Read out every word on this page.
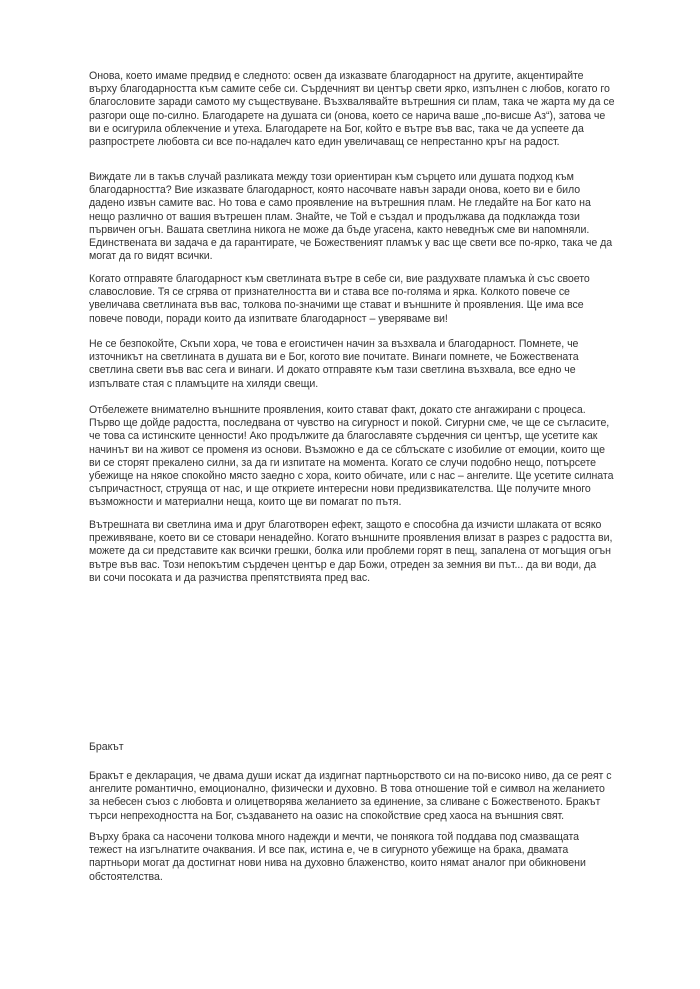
Онова, което имаме предвид е следното: освен да изказвате благодарност на другите, акцентирайте
върху благодарността към самите себе си. Сърдечният ви център свети ярко, изпълнен с любов, когато го
благословите заради самото му съществуване. Възхвалявайте вътрешния си плам, така че жарта му да се
разгори още по-силно. Благодарете на душата си (онова, което се нарича ваше „по-висше Аз“), затова че
ви е осигурила облекчение и утеха. Благодарете на Бог, който е вътре във вас, така че да успеете да
разпрострете любовта си все по-надалеч като един увеличаващ се непрестанно кръг на радост.

Виждате ли в такъв случай разликата между този ориентиран към сърцето или душата подход към
благодарността? Вие изказвате благодарност, която насочвате навън заради онова, което ви е било
дадено извън самите вас. Но това е само проявление на вътрешния плам. Не гледайте на Бог като на
нещо различно от вашия вътрешен плам. Знайте, че Той е създал и продължава да подклажда този
първичен огън. Вашата светлина никога не може да бъде угасена, както неведнъж сме ви напомняли.
Единствената ви задача е да гарантирате, че Божественият пламък у вас ще свети все по-ярко, така че да
могат да го видят всички.

Когато отправяте благодарност към светлината вътре в себе си, вие раздухвате пламъка ѝ със своето
славословие. Тя се сгрява от признателността ви и става все по-голяма и ярка. Колкото повече се
увеличава светлината във вас, толкова по-значими ще стават и външните ѝ проявления. Ще има все
повече поводи, поради които да изпитвате благодарност – уверяваме ви!

Не се безпокойте, Скъпи хора, че това е егоистичен начин за възхвала и благодарност. Помнете, че
източникът на светлината в душата ви е Бог, когото вие почитате. Винаги помнете, че Божествената
светлина свети във вас сега и винаги. И докато отправяте към тази светлина възхвала, все едно че
изпълвате стая с пламъците на хиляди свещи.

Отбележете внимателно външните проявления, които стават факт, докато сте ангажирани с процеса.
Първо ще дойде радостта, последвана от чувство на сигурност и покой. Сигурни сме, че ще се съгласите,
че това са истинските ценности! Ако продължите да благославяте сърдечния си център, ще усетите как
начинът ви на живот се променя из основи. Възможно е да се сблъскате с изобилие от емоции, които ще
ви се сторят прекалено силни, за да ги изпитате на момента. Когато се случи подобно нещо, потърсете
убежище на някое спокойно място заедно с хора, които обичате, или с нас – ангелите. Ще усетите силната
съпричастност, струяща от нас, и ще откриете интересни нови предизвикателства. Ще получите много
възможности и материални неща, които ще ви помагат по пътя.

Вътрешната ви светлина има и друг благотворен ефект, защото е способна да изчисти шлаката от всяко
преживяване, което ви се стовари ненадейно. Когато външните проявления влизат в разрез с радостта ви,
можете да си представите как всички грешки, болка или проблеми горят в пещ, запалена от могъщия огън
вътре във вас. Този непокътим сърдечен център е дар Божи, отреден за земния ви път... да ви води, да
ви сочи посоката и да разчиства препятствията пред вас.

Бракът

Бракът е декларация, че двама души искат да издигнат партньорството си на по-високо ниво, да се реят с
ангелите романтично, емоционално, физически и духовно. В това отношение той е символ на желанието
за небесен съюз с любовта и олицетворява желанието за единение, за сливане с Божественото. Бракът
търси непреходността на Бог, създаването на оазис на спокойствие сред хаоса на външния свят.

Върху брака са насочени толкова много надежди и мечти, че понякога той поддава под смазващата
тежест на изгълнатите очаквания. И все пак, истина е, че в сигурното убежище на брака, двамата
партньори могат да достигнат нови нива на духовно блаженство, които нямат аналог при обикновени
обстоятелства.
